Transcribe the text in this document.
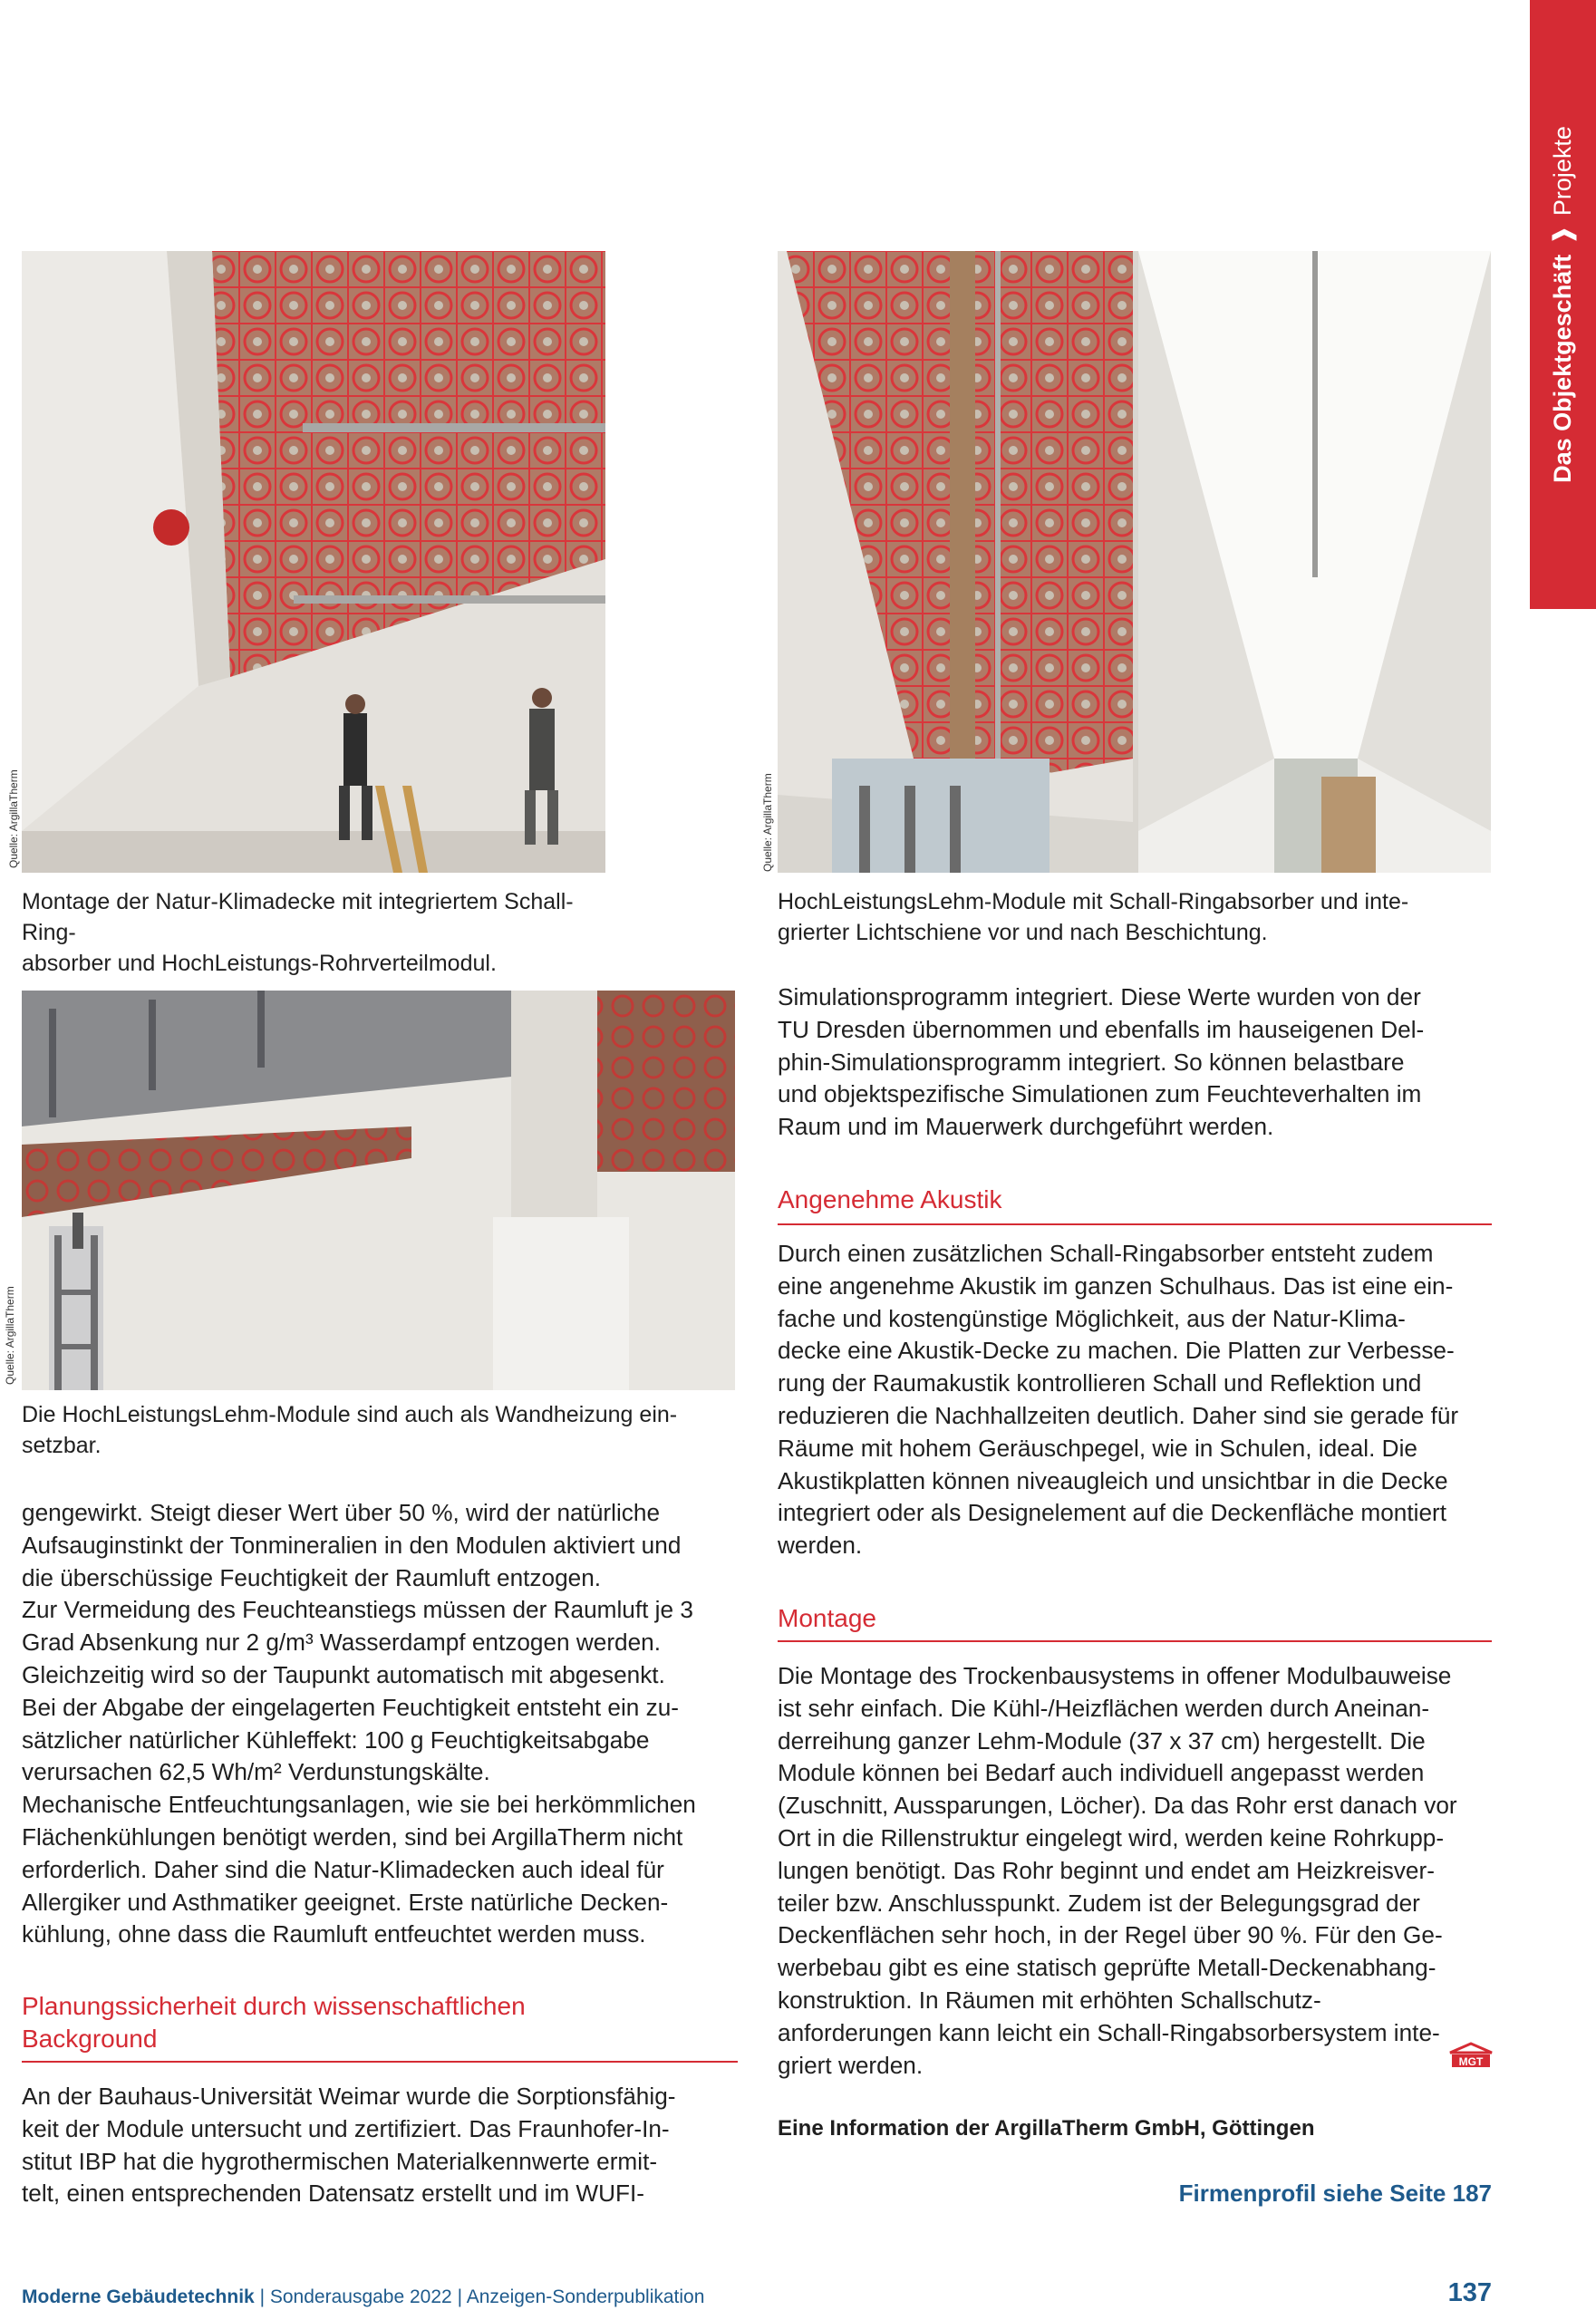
Das Objektgeschäft
❱
Projekte
Quelle: ArgillaTherm
Montage der Natur-Klimadecke mit integriertem Schall-Ring-
absorber und HochLeistungs-Rohrverteilmodul.
Quelle: ArgillaTherm
HochLeistungsLehm-Module mit Schall-Ringabsorber und inte-
grierter Lichtschiene vor und nach Beschichtung.
Quelle: ArgillaTherm
Die HochLeistungsLehm-Module sind auch als Wandheizung ein-
setzbar.

gengewirkt. Steigt dieser Wert über 50 %, wird der natürliche

Aufsauginstinkt der Tonmineralien in den Modulen aktiviert und

die überschüssige Feuchtigkeit der Raumluft entzogen.

Zur Vermeidung des Feuchteanstiegs müssen der Raumluft je 3

Grad Absenkung nur 2 g/m³ Wasserdampf entzogen werden.

Gleichzeitig wird so der Taupunkt automatisch mit abgesenkt.

Bei der Abgabe der eingelagerten Feuchtigkeit entsteht ein zu-

sätzlicher natürlicher Kühleffekt: 100 g Feuchtigkeitsabgabe

verursachen 62,5 Wh/m² Verdunstungskälte.

Mechanische Entfeuchtungsanlagen, wie sie bei herkömmlichen

Flächenkühlungen benötigt werden, sind bei ArgillaTherm nicht

erforderlich. Daher sind die Natur-Klimadecken auch ideal für

Allergiker und Asthmatiker geeignet. Erste natürliche Decken-

kühlung, ohne dass die Raumluft entfeuchtet werden muss.

Planungssicherheit durch wissenschaftlichen
Background

An der Bauhaus-Universität Weimar wurde die Sorptionsfähig-

keit der Module untersucht und zertifiziert. Das Fraunhofer-In-

stitut IBP hat die hygrothermischen Materialkennwerte ermit-

telt, einen entsprechenden Datensatz erstellt und im WUFI-

Simulationsprogramm integriert. Diese Werte wurden von der

TU Dresden übernommen und ebenfalls im hauseigenen Del-

phin-Simulationsprogramm integriert. So können belastbare

und objektspezifische Simulationen zum Feuchteverhalten im

Raum und im Mauerwerk durchgeführt werden.

Angenehme Akustik

Durch einen zusätzlichen Schall-Ringabsorber entsteht zudem

eine angenehme Akustik im ganzen Schulhaus. Das ist eine ein-

fache und kostengünstige Möglichkeit, aus der Natur-Klima-

decke eine Akustik-Decke zu machen. Die Platten zur Verbesse-

rung der Raumakustik kontrollieren Schall und Reflektion und

reduzieren die Nachhallzeiten deutlich. Daher sind sie gerade für

Räume mit hohem Geräuschpegel, wie in Schulen, ideal. Die

Akustikplatten können niveaugleich und unsichtbar in die Decke

integriert oder als Designelement auf die Deckenfläche montiert

werden.

Montage

Die Montage des Trockenbausystems in offener Modulbauweise

ist sehr einfach. Die Kühl-/Heizflächen werden durch Aneinan-

derreihung ganzer Lehm-Module (37 x 37 cm) hergestellt. Die

Module können bei Bedarf auch individuell angepasst werden

(Zuschnitt, Aussparungen, Löcher). Da das Rohr erst danach vor

Ort in die Rillenstruktur eingelegt wird, werden keine Rohrkupp-

lungen benötigt. Das Rohr beginnt und endet am Heizkreisver-

teiler bzw. Anschlusspunkt. Zudem ist der Belegungsgrad der

Deckenflächen sehr hoch, in der Regel über 90 %. Für den Ge-

werbebau gibt es eine statisch geprüfte Metall-Deckenabhang-

konstruktion. In Räumen mit erhöhten Schallschutz-

anforderungen kann leicht ein Schall-Ringabsorbersystem inte-

griert werden.	MGT
Eine Information der ArgillaTherm GmbH, Göttingen
Firmenprofil siehe Seite 187
Moderne Gebäudetechnik | Sonderausgabe 2022 | Anzeigen-Sonderpublikation	137
